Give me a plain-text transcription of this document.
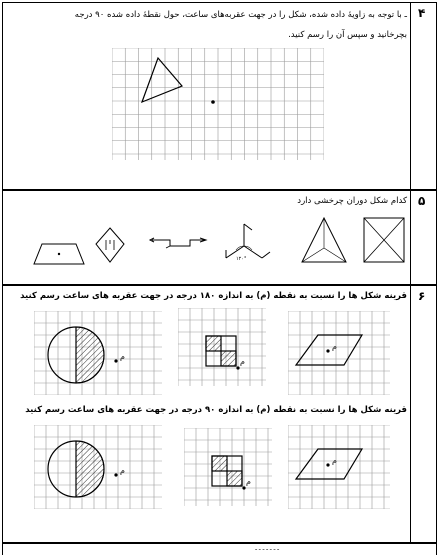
۴
ـ با توجه به زاویهٔ داده شده، شکل را در جهت عقربه‌های ساعت، حول نقطهٔ داده شده ۹۰ درجه
بچرخانید و سپس آن را رسم کنید.
۵
کدام شکل دوران چرخشی دارد
۱۲۰°
۶
قرینه شکل ها را نسبت به نقطه (م) به اندازه ۱۸۰ درجه در جهت عقربه های ساعت رسم کنید
قرینه شکل ها را نسبت به نقطه (م) به اندازه ۹۰ درجه در جهت عقربه های ساعت رسم کنید
م
م
م
م
م
م
ـ ـ ـ ـ ـ ـ ـ
